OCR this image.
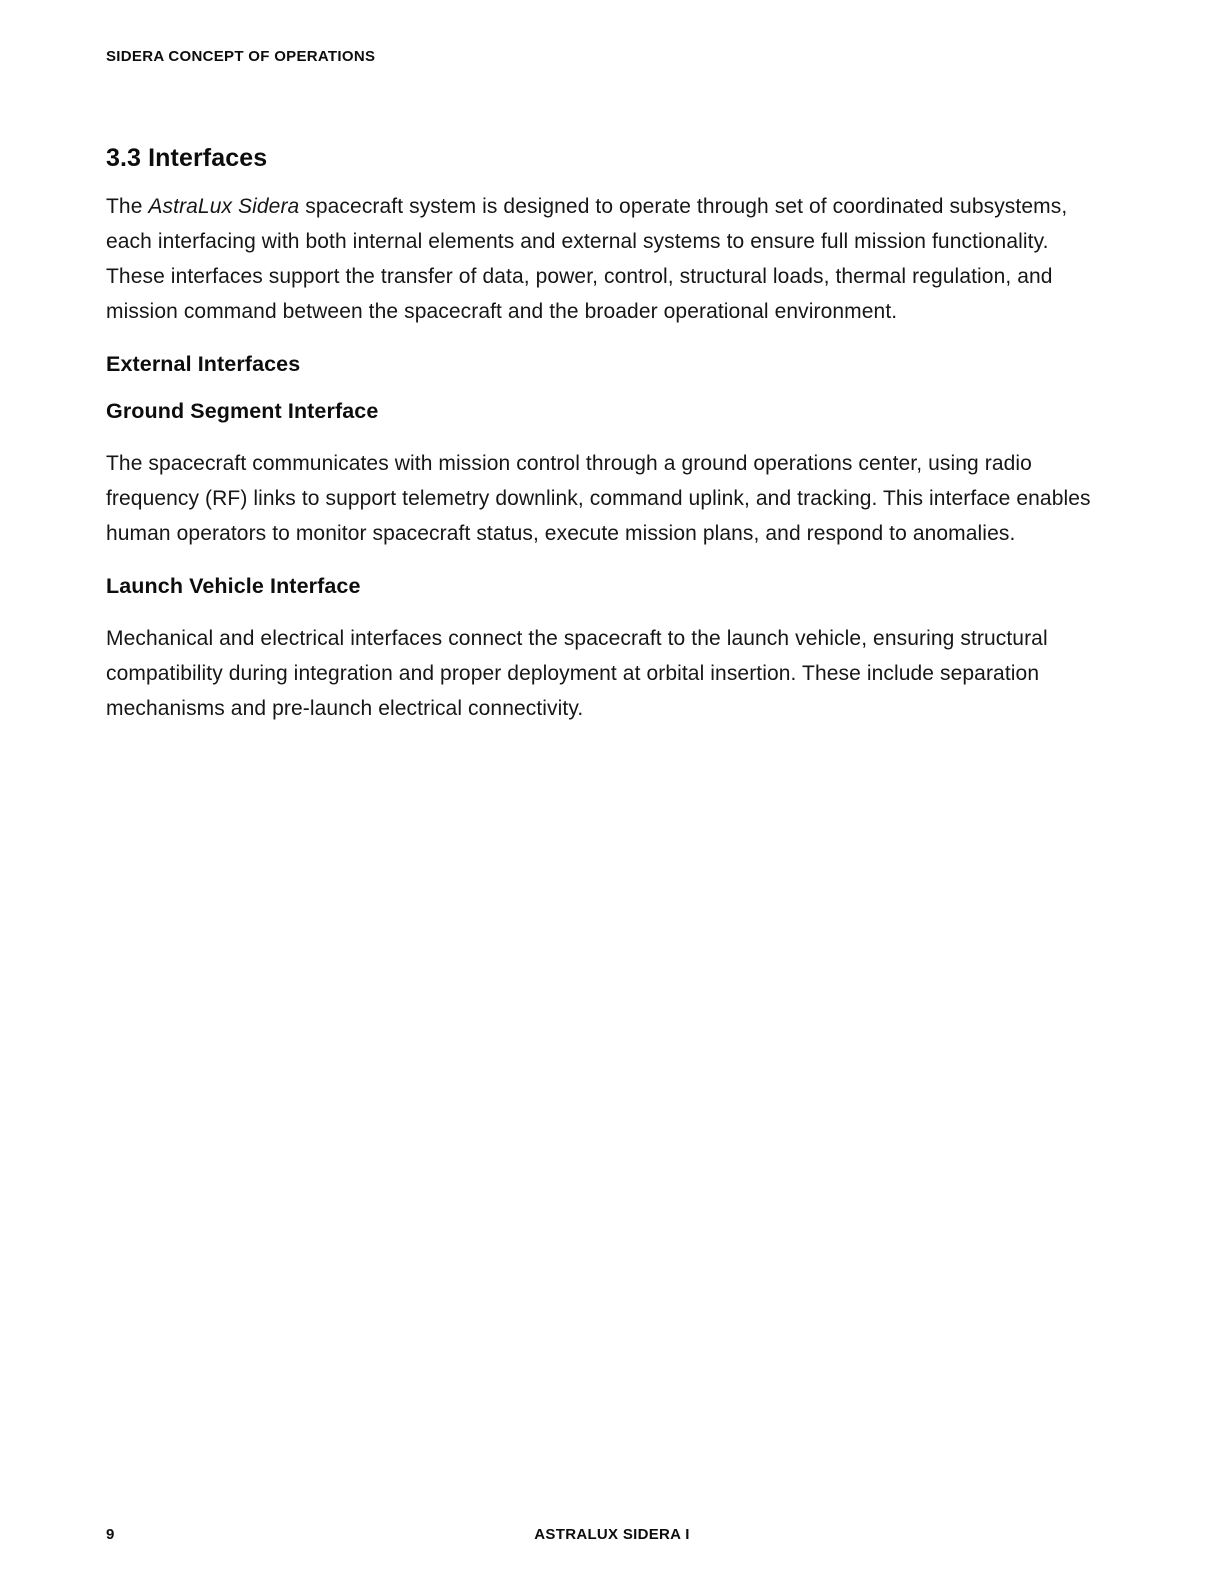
SIDERA CONCEPT OF OPERATIONS
3.3 Interfaces

The AstraLux Sidera spacecraft system is designed to operate through set of coordinated subsystems, each interfacing with both internal elements and external systems to ensure full mission functionality. These interfaces support the transfer of data, power, control, structural loads, thermal regulation, and mission command between the spacecraft and the broader operational environment.

External Interfaces
Ground Segment Interface

The spacecraft communicates with mission control through a ground operations center, using radio frequency (RF) links to support telemetry downlink, command uplink, and tracking. This interface enables human operators to monitor spacecraft status, execute mission plans, and respond to anomalies.

Launch Vehicle Interface

Mechanical and electrical interfaces connect the spacecraft to the launch vehicle, ensuring structural compatibility during integration and proper deployment at orbital insertion. These include separation mechanisms and pre-launch electrical connectivity.

9	ASTRALUX SIDERA I
